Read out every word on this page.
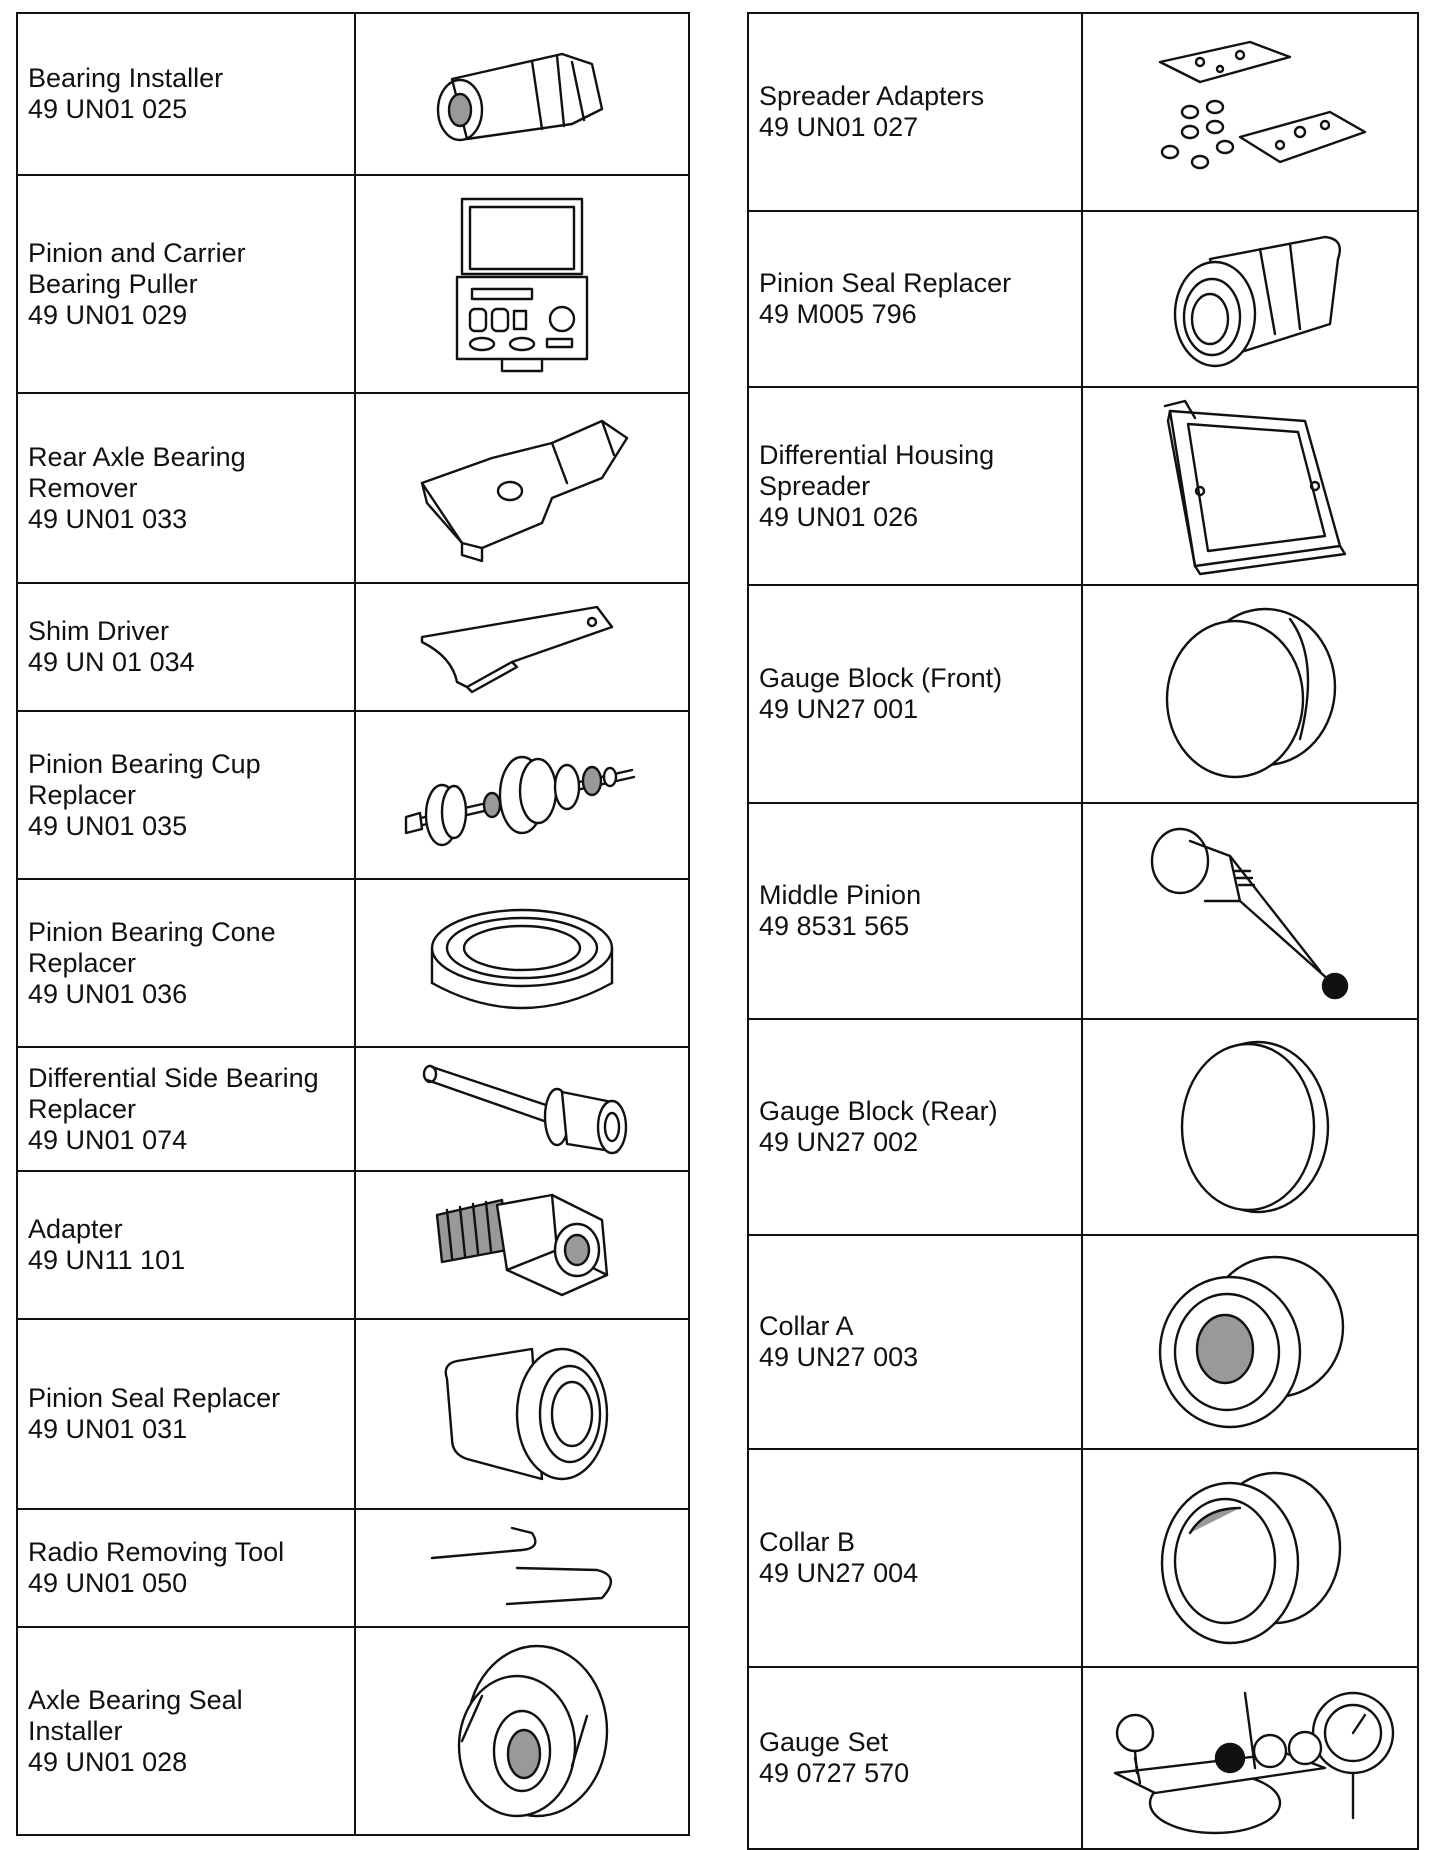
Bearing Installer
49 UN01 025

Pinion and Carrier
Bearing Puller
49 UN01 029

Rear Axle Bearing
Remover
49 UN01 033

Shim Driver
49 UN 01 034

Pinion Bearing Cup
Replacer
49 UN01 035

Pinion Bearing Cone
Replacer
49 UN01 036

Differential Side Bearing
Replacer
49 UN01 074

Adapter
49 UN11 101

Pinion Seal Replacer
49 UN01 031

Radio Removing Tool
49 UN01 050

Axle Bearing Seal
Installer
49 UN01 028

Spreader Adapters
49 UN01 027

Pinion Seal Replacer
49 M005 796

Differential Housing
Spreader
49 UN01 026

Gauge Block (Front)
49 UN27 001

Middle Pinion
49 8531 565

Gauge Block (Rear)
49 UN27 002

Collar A
49 UN27 003

Collar B
49 UN27 004

Gauge Set
49 0727 570
